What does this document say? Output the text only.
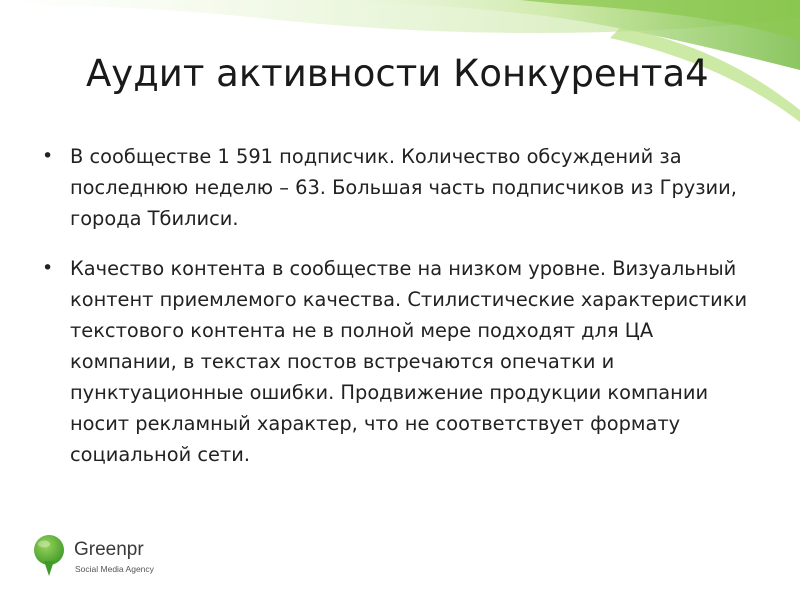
Аудит активности Конкурента4
• В сообществе 1 591 подписчик. Количество обсуждений за последнюю неделю – 63. Большая часть подписчиков из Грузии, города Тбилиси.
• Качество контента в сообществе на низком уровне. Визуальный контент приемлемого качества. Стилистические характеристики текстового контента не в полной мере подходят для ЦА компании, в текстах постов встречаются опечатки и пунктуационные ошибки. Продвижение продукции компании носит рекламный характер, что не соответствует формату социальной сети.
Greenpr
Social Media Agency
